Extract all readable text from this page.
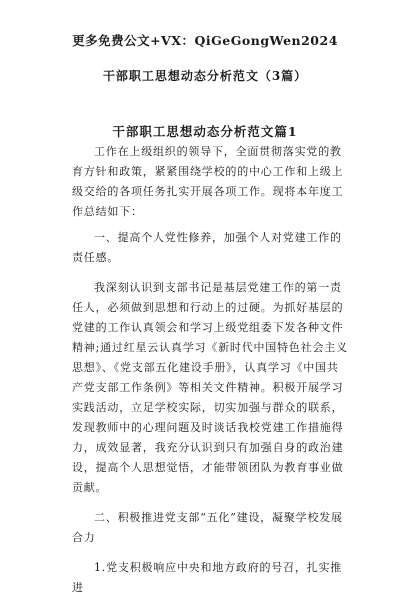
更多免费公文+VX：QiGeGongWen2024
干部职工思想动态分析范文（3篇）
干部职工思想动态分析范文篇1

工作在上级组织的领导下，全面贯彻落实党的教育方针和政策，紧紧围绕学校的的中心工作和上级上级交给的各项任务扎实开展各项工作。现将本年度工作总结如下：

一、提高个人党性修养，加强个人对党建工作的责任感。

我深刻认识到支部书记是基层党建工作的第一责任人，必须做到思想和行动上的过硬。为抓好基层的党建的工作认真领会和学习上级党组委下发各种文件精神;通过红星云认真学习《新时代中国特色社会主义思想》、《党支部五化建设手册》，认真学习《中国共产党支部工作条例》等相关文件精神。积极开展学习实践活动，立足学校实际，切实加强与群众的联系，发现教师中的心理问题及时谈话我校党建工作措施得力，成效显著，我充分认识到只有加强自身的政治建设，提高个人思想觉悟，才能带领团队为教育事业做贡献。

二、积极推进党支部“五化”建设，凝聚学校发展合力

1.党支积极响应中央和地方政府的号召，扎实推进
